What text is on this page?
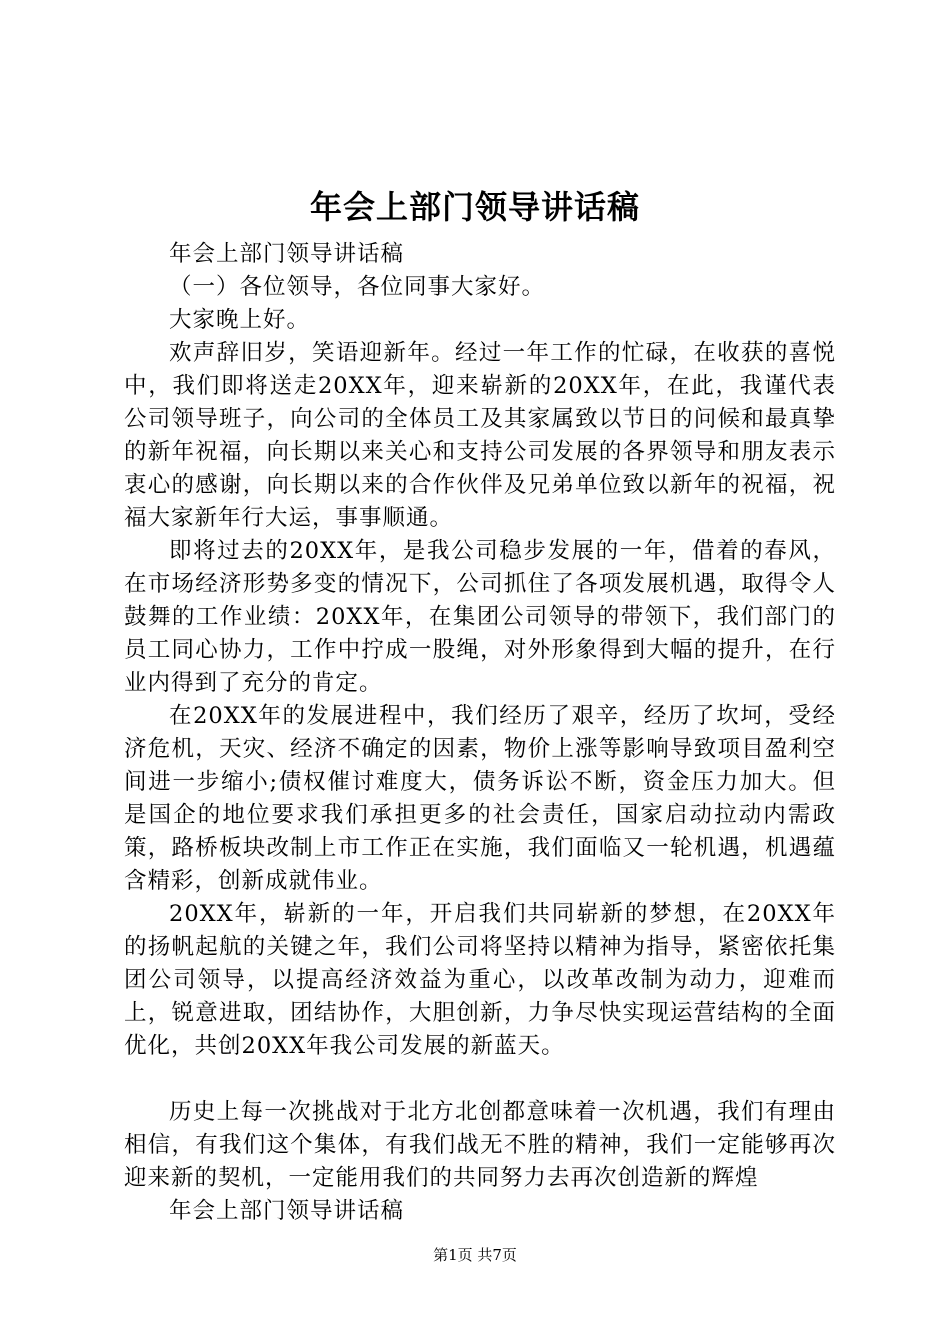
年会上部门领导讲话稿

年会上部门领导讲话稿

（一）各位领导，各位同事大家好。

大家晚上好。

欢声辞旧岁，笑语迎新年。经过一年工作的忙碌，在收获的喜悦中，我们即将送走20XX年，迎来崭新的20XX年，在此，我谨代表公司领导班子，向公司的全体员工及其家属致以节日的问候和最真挚的新年祝福，向长期以来关心和支持公司发展的各界领导和朋友表示衷心的感谢，向长期以来的合作伙伴及兄弟单位致以新年的祝福，祝福大家新年行大运，事事顺通。

即将过去的20XX年，是我公司稳步发展的一年，借着的春风，在市场经济形势多变的情况下，公司抓住了各项发展机遇，取得令人鼓舞的工作业绩：20XX年，在集团公司领导的带领下，我们部门的员工同心协力，工作中拧成一股绳，对外形象得到大幅的提升，在行业内得到了充分的肯定。

在20XX年的发展进程中，我们经历了艰辛，经历了坎坷，受经济危机，天灾、经济不确定的因素，物价上涨等影响导致项目盈利空间进一步缩小;债权催讨难度大，债务诉讼不断，资金压力加大。但是国企的地位要求我们承担更多的社会责任，国家启动拉动内需政策，路桥板块改制上市工作正在实施，我们面临又一轮机遇，机遇蕴含精彩，创新成就伟业。

20XX年，崭新的一年，开启我们共同崭新的梦想，在20XX年的扬帆起航的关键之年，我们公司将坚持以精神为指导，紧密依托集团公司领导，以提高经济效益为重心，以改革改制为动力，迎难而上，锐意进取，团结协作，大胆创新，力争尽快实现运营结构的全面优化，共创20XX年我公司发展的新蓝天。

历史上每一次挑战对于北方北创都意味着一次机遇，我们有理由相信，有我们这个集体，有我们战无不胜的精神，我们一定能够再次迎来新的契机，一定能用我们的共同努力去再次创造新的辉煌

年会上部门领导讲话稿

第1页 共7页
